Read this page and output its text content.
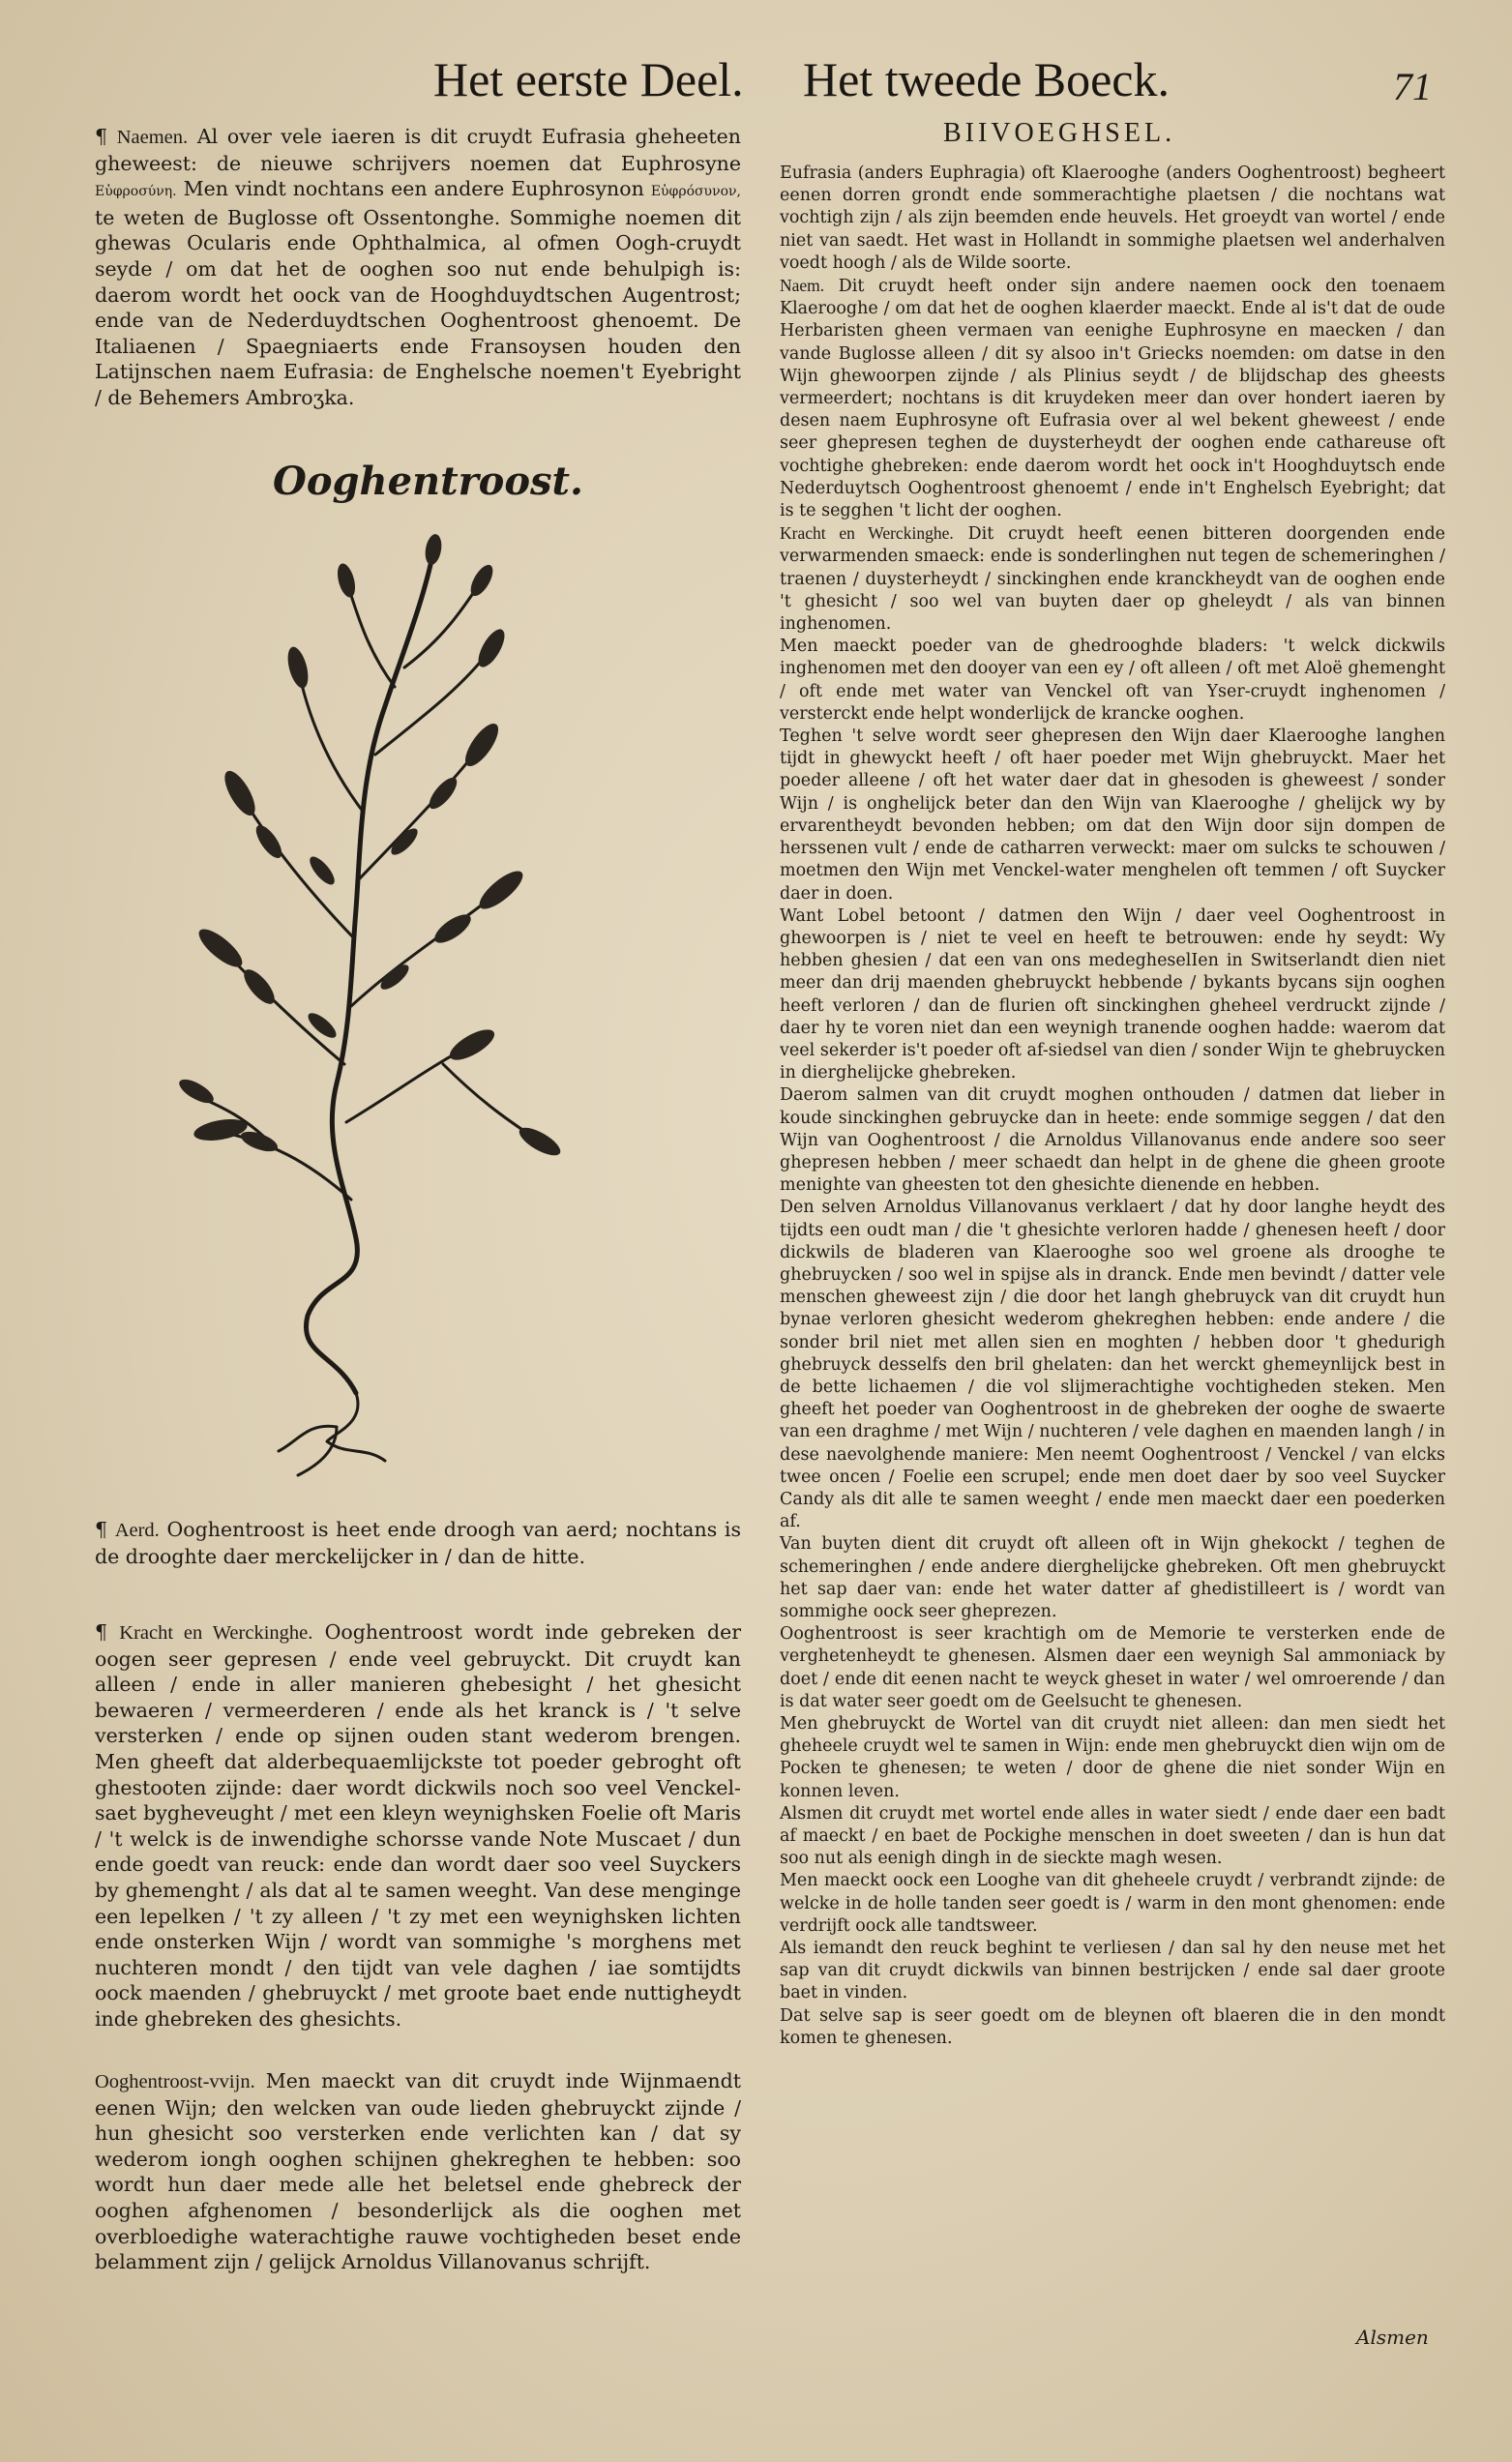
Het eerste Deel. Het tweede Boeck.	71
BIIVOEGHSEL.

¶ Naemen. Al over vele iaeren is dit cruydt Eufrasia gheheeten gheweest: de nieuwe schrijvers noemen dat Euphrosyne Εὐφροσύνη. Men vindt nochtans een andere Euphrosynon Εὐφρόσυνον, te weten de Buglosse oft Ossentonghe. Sommighe noemen dit ghewas Ocularis ende Ophthalmica, al ofmen Oogh-cruydt seyde / om dat het de ooghen soo nut ende behulpigh is: daerom wordt het oock van de Hooghduydtschen Augentrost; ende van de Nederduydtschen Ooghentroost ghenoemt. De Italiaenen / Spaegniaerts ende Fransoysen houden den Latijnschen naem Eufrasia: de Enghelsche noemen't Eyebright / de Behemers Ambroʒka.

Ooghentroost.

¶ Aerd. Ooghentroost is heet ende droogh van aerd; nochtans is de drooghte daer merckelijcker in / dan de hitte.

¶ Kracht en Werckinghe. Ooghentroost wordt inde gebreken der oogen seer gepresen / ende veel gebruyckt. Dit cruydt kan alleen / ende in aller manieren ghebesight / het ghesicht bewaeren / vermeerderen / ende als het kranck is / 't selve versterken / ende op sijnen ouden stant wederom brengen. Men gheeft dat alderbequaemlijckste tot poeder gebroght oft ghestooten zijnde: daer wordt dickwils noch soo veel Venckel-saet bygheveught / met een kleyn weynighsken Foelie oft Maris / 't welck is de inwendighe schorsse vande Note Muscaet / dun ende goedt van reuck: ende dan wordt daer soo veel Suyckers by ghemenght / als dat al te samen weeght. Van dese menginge een lepelken / 't zy alleen / 't zy met een weynighsken lichten ende onsterken Wijn / wordt van sommighe 's morghens met nuchteren mondt / den tijdt van vele daghen / iae somtijdts oock maenden / ghebruyckt / met groote baet ende nuttigheydt inde ghebreken des ghesichts.

Ooghentroost-vvijn. Men maeckt van dit cruydt inde Wijnmaendt eenen Wijn; den welcken van oude lieden ghebruyckt zijnde / hun ghesicht soo versterken ende verlichten kan / dat sy wederom iongh ooghen schijnen ghekreghen te hebben: soo wordt hun daer mede alle het beletsel ende ghebreck der ooghen afghenomen / besonderlijck als die ooghen met overbloedighe waterachtighe rauwe vochtigheden beset ende belamment zijn / gelijck Arnoldus Villanovanus schrijft.

Eufrasia (anders Euphragia) oft Klaerooghe (anders Ooghentroost) begheert eenen dorren grondt ende sommerachtighe plaetsen / die nochtans wat vochtigh zijn / als zijn beemden ende heuvels. Het groeydt van wortel / ende niet van saedt. Het wast in Hollandt in sommighe plaetsen wel anderhalven voedt hoogh / als de Wilde soorte.

Naem. Dit cruydt heeft onder sijn andere naemen oock den toenaem Klaerooghe / om dat het de ooghen klaerder maeckt. Ende al is't dat de oude Herbaristen gheen vermaen van eenighe Euphrosyne en maecken / dan vande Buglosse alleen / dit sy alsoo in't Griecks noemden: om datse in den Wijn ghewoorpen zijnde / als Plinius seydt / de blijdschap des gheests vermeerdert; nochtans is dit kruydeken meer dan over hondert iaeren by desen naem Euphrosyne oft Eufrasia over al wel bekent gheweest / ende seer ghepresen teghen de duysterheydt der ooghen ende cathareuse oft vochtighe ghebreken: ende daerom wordt het oock in't Hooghduytsch ende Nederduytsch Ooghentroost ghenoemt / ende in't Enghelsch Eyebright; dat is te segghen 't licht der ooghen.

Kracht en Werckinghe. Dit cruydt heeft eenen bitteren doorgenden ende verwarmenden smaeck: ende is sonderlinghen nut tegen de schemeringhen / traenen / duysterheydt / sinckinghen ende kranckheydt van de ooghen ende 't ghesicht / soo wel van buyten daer op gheleydt / als van binnen inghenomen.

Men maeckt poeder van de ghedrooghde bladers: 't welck dickwils inghenomen met den dooyer van een ey / oft alleen / oft met Aloë ghemenght / oft ende met water van Venckel oft van Yser-cruydt inghenomen / versterckt ende helpt wonderlijck de krancke ooghen.

Teghen 't selve wordt seer ghepresen den Wijn daer Klaerooghe langhen tijdt in ghewyckt heeft / oft haer poeder met Wijn ghebruyckt. Maer het poeder alleene / oft het water daer dat in ghesoden is gheweest / sonder Wijn / is onghelijck beter dan den Wijn van Klaerooghe / ghelijck wy by ervarentheydt bevonden hebben; om dat den Wijn door sijn dompen de herssenen vult / ende de catharren verweckt: maer om sulcks te schouwen / moetmen den Wijn met Venckel-water menghelen oft temmen / oft Suycker daer in doen.

Want Lobel betoont / datmen den Wijn / daer veel Ooghentroost in ghewoorpen is / niet te veel en heeft te betrouwen: ende hy seydt: Wy hebben ghesien / dat een van ons medegheselIen in Switserlandt dien niet meer dan drij maenden ghebruyckt hebbende / bykants bycans sijn ooghen heeft verloren / dan de flurien oft sinckinghen gheheel verdruckt zijnde / daer hy te voren niet dan een weynigh tranende ooghen hadde: waerom dat veel sekerder is't poeder oft af-siedsel van dien / sonder Wijn te ghebruycken in dierghelijcke ghebreken.

Daerom salmen van dit cruydt moghen onthouden / datmen dat lieber in koude sinckinghen gebruycke dan in heete: ende sommige seggen / dat den Wijn van Ooghentroost / die Arnoldus Villanovanus ende andere soo seer ghepresen hebben / meer schaedt dan helpt in de ghene die gheen groote menighte van gheesten tot den ghesichte dienende en hebben.

Den selven Arnoldus Villanovanus verklaert / dat hy door langhe heydt des tijdts een oudt man / die 't ghesichte verloren hadde / ghenesen heeft / door dickwils de bladeren van Klaerooghe soo wel groene als drooghe te ghebruycken / soo wel in spijse als in dranck. Ende men bevindt / datter vele menschen gheweest zijn / die door het langh ghebruyck van dit cruydt hun bynae verloren ghesicht wederom ghekreghen hebben: ende andere / die sonder bril niet met allen sien en moghten / hebben door 't ghedurigh ghebruyck desselfs den bril ghelaten: dan het werckt ghemeynlijck best in de bette lichaemen / die vol slijmerachtighe vochtigheden steken. Men gheeft het poeder van Ooghentroost in de ghebreken der ooghe de swaerte van een draghme / met Wijn / nuchteren / vele daghen en maenden langh / in dese naevolghende maniere: Men neemt Ooghentroost / Venckel / van elcks twee oncen / Foelie een scrupel; ende men doet daer by soo veel Suycker Candy als dit alle te samen weeght / ende men maeckt daer een poederken af.

Van buyten dient dit cruydt oft alleen oft in Wijn ghekockt / teghen de schemeringhen / ende andere dierghelijcke ghebreken. Oft men ghebruyckt het sap daer van: ende het water datter af ghedistilleert is / wordt van sommighe oock seer gheprezen.

Ooghentroost is seer krachtigh om de Memorie te versterken ende de verghetenheydt te ghenesen. Alsmen daer een weynigh Sal ammoniack by doet / ende dit eenen nacht te weyck gheset in water / wel omroerende / dan is dat water seer goedt om de Geelsucht te ghenesen.

Men ghebruyckt de Wortel van dit cruydt niet alleen: dan men siedt het gheheele cruydt wel te samen in Wijn: ende men ghebruyckt dien wijn om de Pocken te ghenesen; te weten / door de ghene die niet sonder Wijn en konnen leven.

Alsmen dit cruydt met wortel ende alles in water siedt / ende daer een badt af maeckt / en baet de Pockighe menschen in doet sweeten / dan is hun dat soo nut als eenigh dingh in de sieckte magh wesen.

Men maeckt oock een Looghe van dit gheheele cruydt / verbrandt zijnde: de welcke in de holle tanden seer goedt is / warm in den mont ghenomen: ende verdrijft oock alle tandtsweer.

Als iemandt den reuck beghint te verliesen / dan sal hy den neuse met het sap van dit cruydt dickwils van binnen bestrijcken / ende sal daer groote baet in vinden.

Dat selve sap is seer goedt om de bleynen oft blaeren die in den mondt komen te ghenesen.

Alsmen
